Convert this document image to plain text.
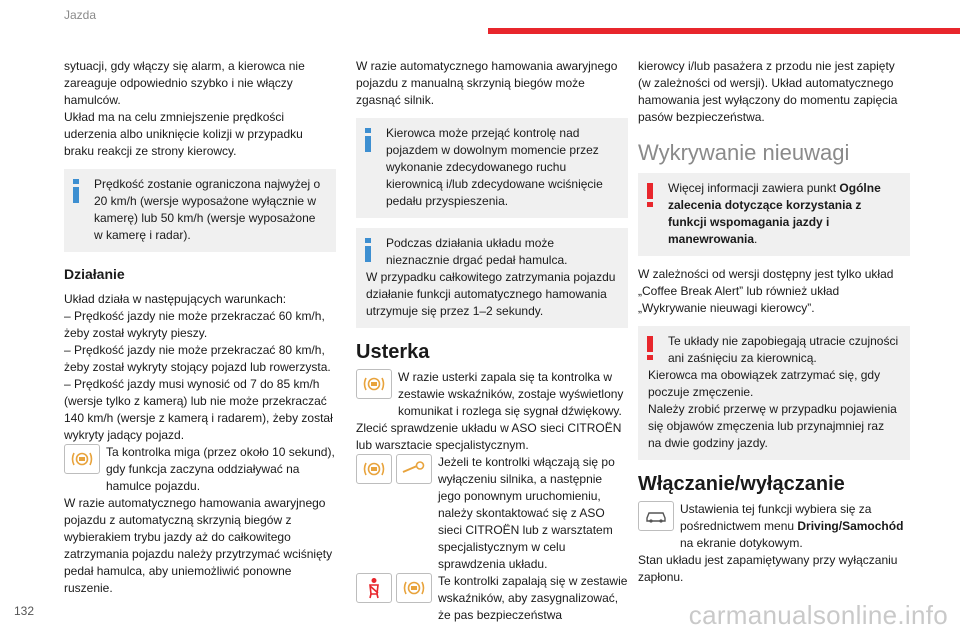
Jazda

sytuacji, gdy włączy się alarm, a kierowca nie zareaguje odpowiednio szybko i nie włączy hamulców.

Układ ma na celu zmniejszenie prędkości uderzenia albo uniknięcie kolizji w przypadku braku reakcji ze strony kierowcy.

Prędkość zostanie ograniczona najwyżej o 20 km/h (wersje wyposażone wyłącznie w kamerę) lub 50 km/h (wersje wyposażone w kamerę i radar).

Działanie

Układ działa w następujących warunkach:

– Prędkość jazdy nie może przekraczać 60 km/h, żeby został wykryty pieszy.

– Prędkość jazdy nie może przekraczać 80 km/h, żeby został wykryty stojący pojazd lub rowerzysta.

– Prędkość jazdy musi wynosić od 7 do 85 km/h (wersje tylko z kamerą) lub nie może przekraczać 140 km/h (wersje z kamerą i radarem), żeby został wykryty jadący pojazd.

Ta kontrolka miga (przez około 10 sekund), gdy funkcja zaczyna oddziaływać na hamulce pojazdu.

W razie automatycznego hamowania awaryjnego pojazdu z automatyczną skrzynią biegów z wybierakiem trybu jazdy aż do całkowitego zatrzymania pojazdu należy przytrzymać wciśnięty pedał hamulca, aby uniemożliwić ponowne ruszenie.

W razie automatycznego hamowania awaryjnego pojazdu z manualną skrzynią biegów może zgasnąć silnik.

Kierowca może przejąć kontrolę nad pojazdem w dowolnym momencie przez wykonanie zdecydowanego ruchu kierownicą i/lub zdecydowane wciśnięcie pedału przyspieszenia.

Podczas działania układu może nieznacznie drgać pedał hamulca.

W przypadku całkowitego zatrzymania pojazdu działanie funkcji automatycznego hamowania utrzymuje się przez 1–2 sekundy.

Usterka

W razie usterki zapala się ta kontrolka w zestawie wskaźników, zostaje wyświetlony komunikat i rozlega się sygnał dźwiękowy.

Zlecić sprawdzenie układu w ASO sieci CITROËN lub warsztacie specjalistycznym.

Jeżeli te kontrolki włączają się po wyłączeniu silnika, a następnie jego ponownym uruchomieniu, należy skontaktować się z ASO sieci CITROËN lub z warsztatem specjalistycznym w celu sprawdzenia układu.

Te kontrolki zapalają się w zestawie wskaźników, aby zasygnalizować, że pas bezpieczeństwa

kierowcy i/lub pasażera z przodu nie jest zapięty (w zależności od wersji). Układ automatycznego hamowania jest wyłączony do momentu zapięcia pasów bezpieczeństwa.

Wykrywanie nieuwagi

Więcej informacji zawiera punkt Ogólne zalecenia dotyczące korzystania z funkcji wspomagania jazdy i manewrowania.

W zależności od wersji dostępny jest tylko układ „Coffee Break Alert” lub również układ „Wykrywanie nieuwagi kierowcy”.

Te układy nie zapobiegają utracie czujności ani zaśnięciu za kierownicą.

Kierowca ma obowiązek zatrzymać się, gdy poczuje zmęczenie.

Należy zrobić przerwę w przypadku pojawienia się objawów zmęczenia lub przynajmniej raz na dwie godziny jazdy.

Włączanie/wyłączanie

Ustawienia tej funkcji wybiera się za pośrednictwem menu Driving/Samochód na ekranie dotykowym.

Stan układu jest zapamiętywany przy wyłączaniu zapłonu.

132	carmanualsonline.info
